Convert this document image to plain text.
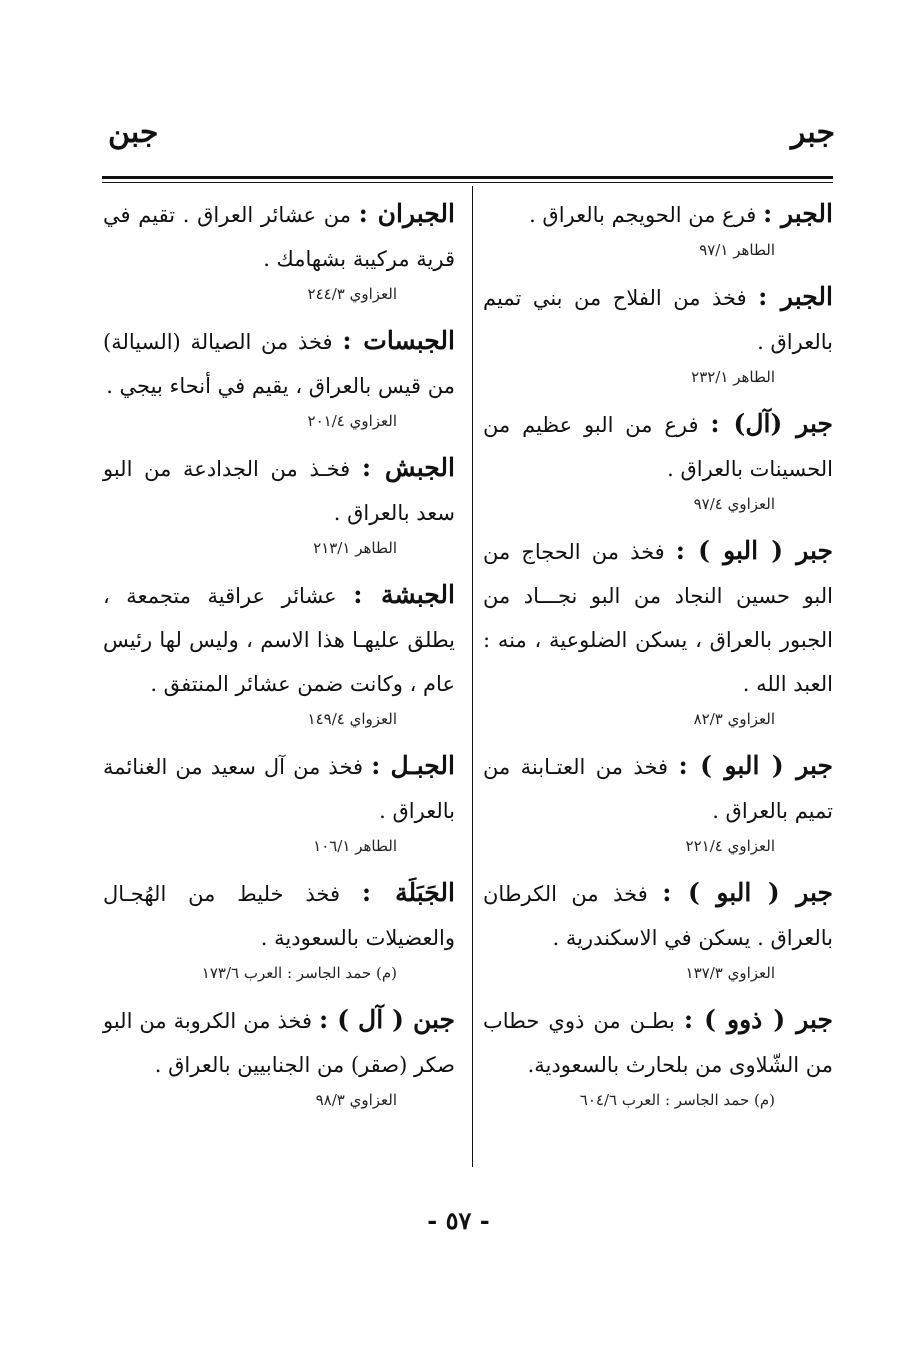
جبر
جبن
الجبر : فرع من الحويجم بالعراق .
الطاهر ٩٧/١
الجبر : فخذ من الفلاح من بني تميم بالعراق .
الطاهر ٢٣٢/١
جبر (آل) : فرع من البو عظيم من الحسينات بالعراق .
العزاوي ٩٧/٤
جبر ( البو ) : فخذ من الحجاج من البو حسين النجاد من البو نجـــاد من الجبور بالعراق ، يسكن الضلوعية ، منه : العبد الله .
العزاوي ٨٢/٣
جبر ( البو ) : فخذ من العتـابنة من تميم بالعراق .
العزاوي ٢٢١/٤
جبر ( البو ) : فخذ من الكرطان بالعراق . يسكن في الاسكندرية .
العزاوي ١٣٧/٣
جبر ( ذوو ) : بطـن من ذوي حطاب من الشّلاوى من بلحارث بالسعودية.
(م) حمد الجاسر : العرب ٦٠٤/٦
الجبران : من عشائر العراق . تقيم في قرية مركيبة بشهامك .
العزاوي ٢٤٤/٣
الجبسات : فخذ من الصيالة (السيالة) من قيس بالعراق ، يقيم في أنحاء بيجي .
العزاوي ٢٠١/٤
الجبش : فخـذ من الجدادعة من البو سعد بالعراق .
الطاهر ٢١٣/١
الجبشة : عشائر عراقية متجمعة ، يطلق عليهـا هذا الاسم ، وليس لها رئيس عام ، وكانت ضمن عشائر المنتفق .
العزواي ١٤٩/٤
الجبـل : فخذ من آل سعيد من الغنائمة بالعراق .
الطاهر ١٠٦/١
الجَبَلَة : فخذ خليط من الهُجـال والعضيلات بالسعودية .
(م) حمد الجاسر : العرب ١٧٣/٦
جبن ( آل ) : فخذ من الكروبة من البو صكر (صقر) من الجنابيين بالعراق .
العزاوي ٩٨/٣
- ٥٧ -
